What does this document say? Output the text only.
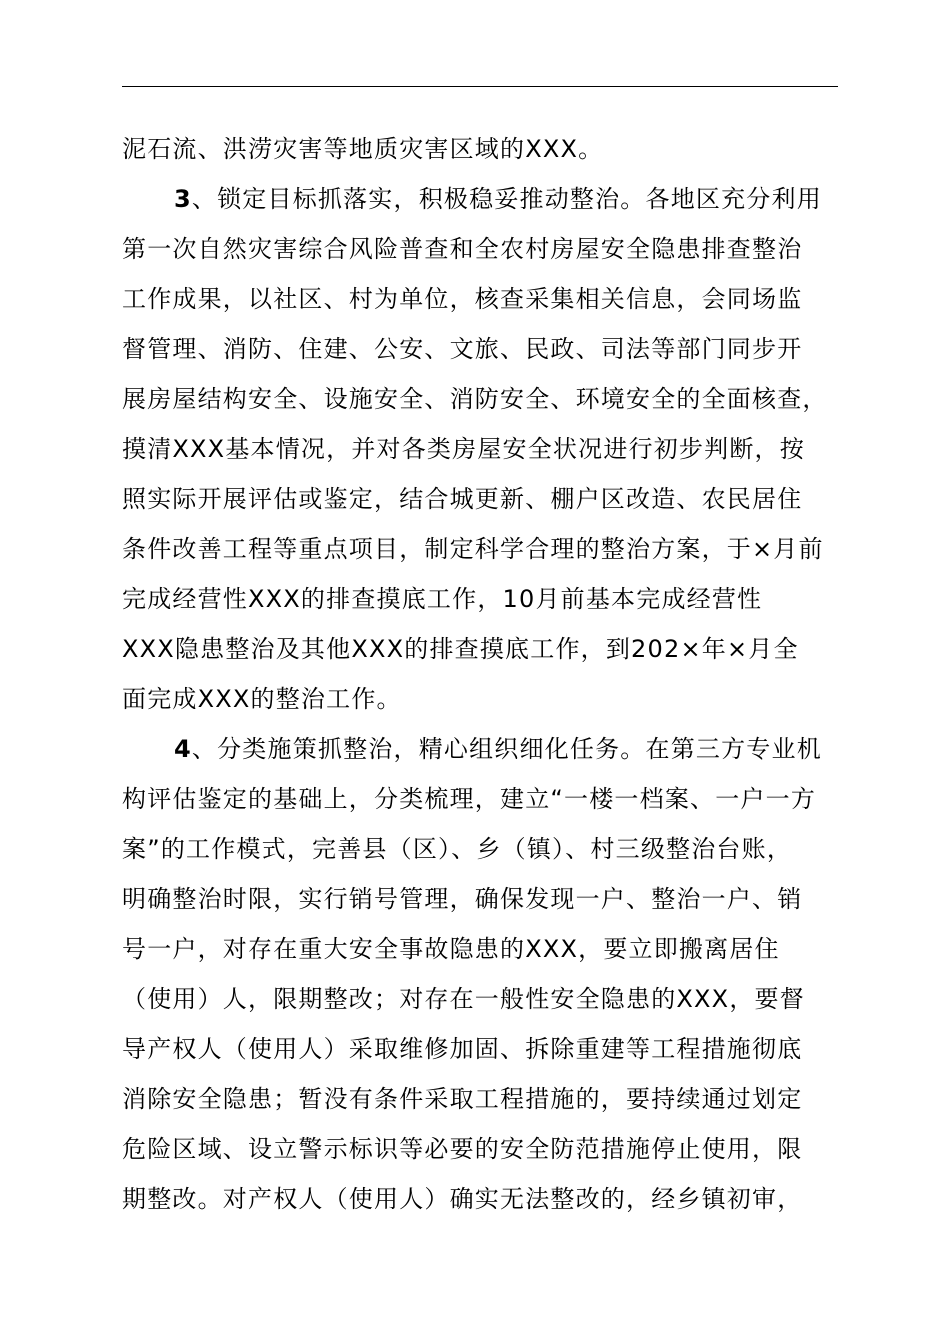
泥石流、洪涝灾害等地质灾害区域的XXX。
3、锁定目标抓落实，积极稳妥推动整治。各地区充分利用
第一次自然灾害综合风险普查和全农村房屋安全隐患排查整治
工作成果，以社区、村为单位，核查采集相关信息，会同场监
督管理、消防、住建、公安、文旅、民政、司法等部门同步开
展房屋结构安全、设施安全、消防安全、环境安全的全面核查，
摸清XXX基本情况，并对各类房屋安全状况进行初步判断，按
照实际开展评估或鉴定，结合城更新、棚户区改造、农民居住
条件改善工程等重点项目，制定科学合理的整治方案，于×月前
完成经营性XXX的排查摸底工作，10月前基本完成经营性
XXX隐患整治及其他XXX的排查摸底工作，到202×年×月全
面完成XXX的整治工作。
4、分类施策抓整治，精心组织细化任务。在第三方专业机
构评估鉴定的基础上，分类梳理，建立“一楼一档案、一户一方
案”的工作模式，完善县（区）、乡（镇）、村三级整治台账，
明确整治时限，实行销号管理，确保发现一户、整治一户、销
号一户，对存在重大安全事故隐患的XXX，要立即搬离居住
（使用）人，限期整改；对存在一般性安全隐患的XXX，要督
导产权人（使用人）采取维修加固、拆除重建等工程措施彻底
消除安全隐患；暂没有条件采取工程措施的，要持续通过划定
危险区域、设立警示标识等必要的安全防范措施停止使用，限
期整改。对产权人（使用人）确实无法整改的，经乡镇初审，
